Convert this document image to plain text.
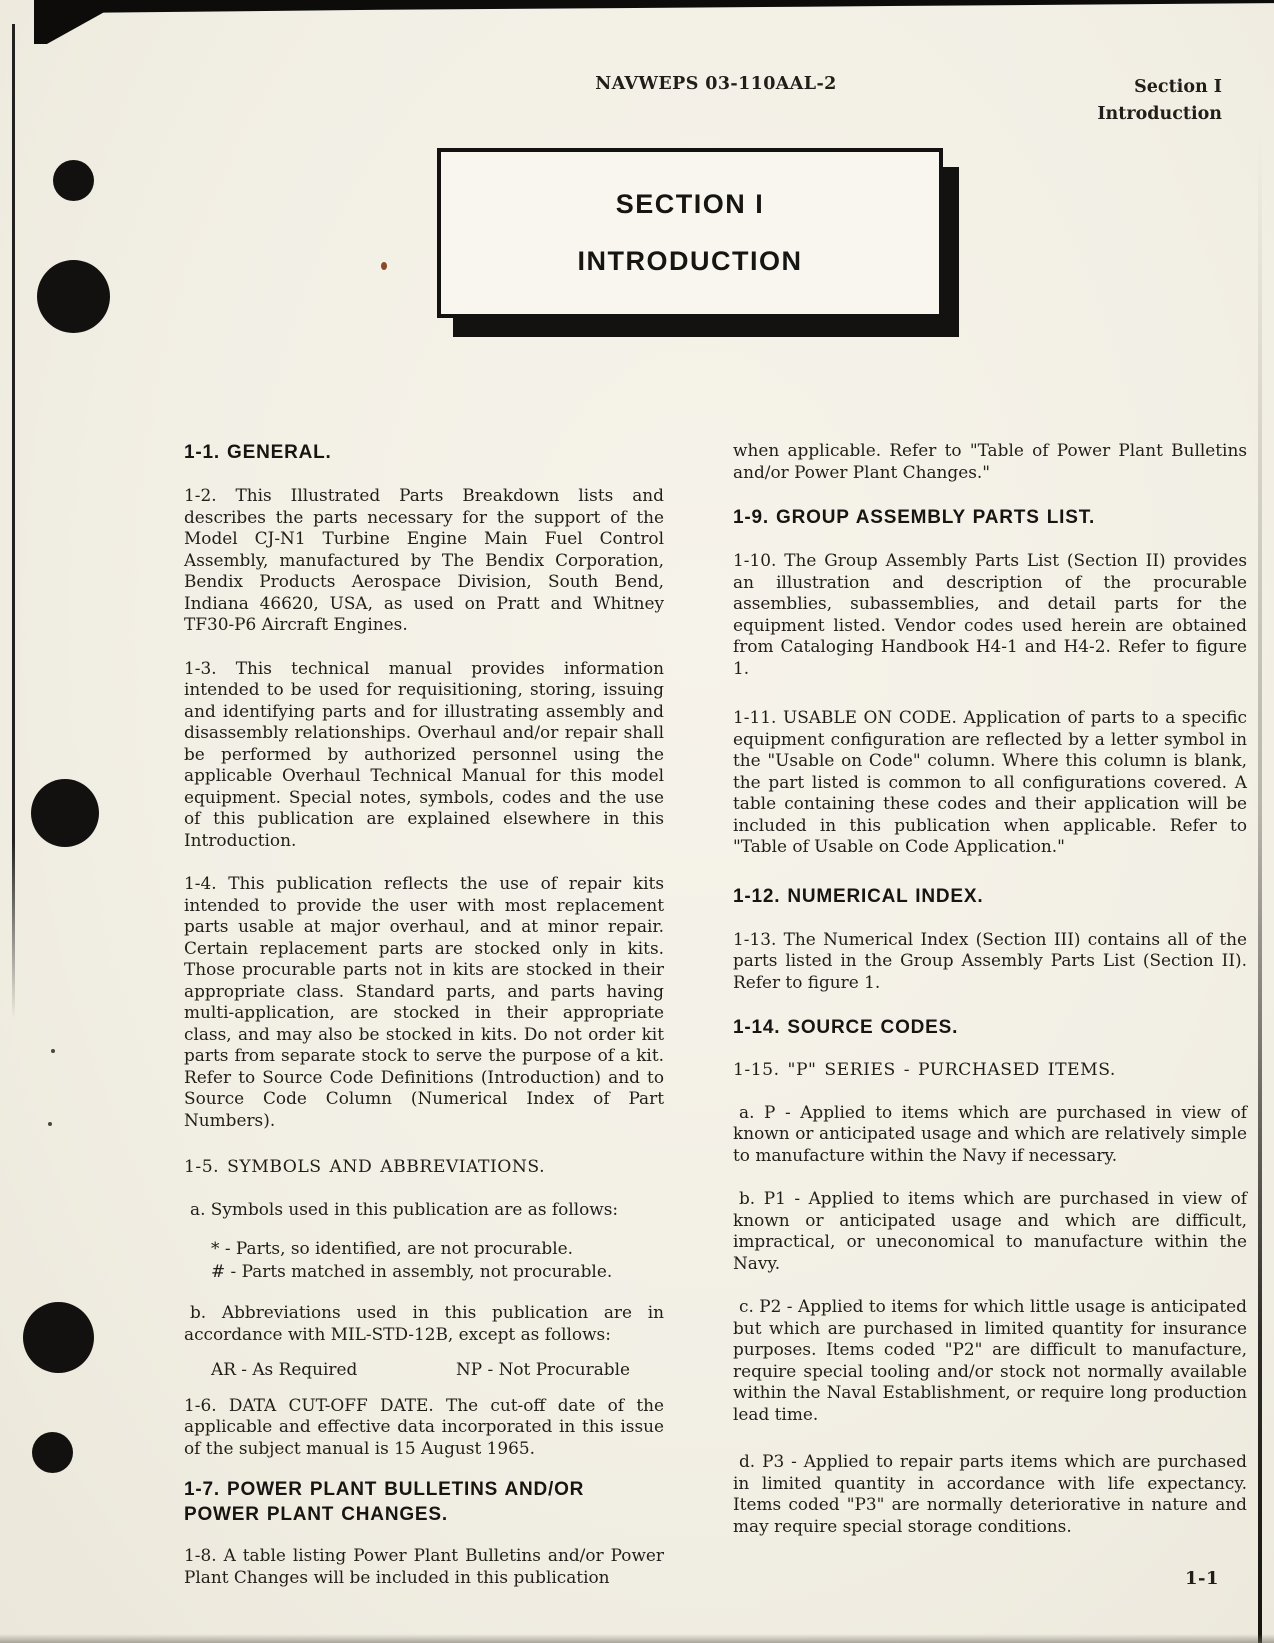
NAVWEPS 03-110AAL-2	Section I
Introduction
SECTION I
INTRODUCTION
1-1. GENERAL.

1-2. This Illustrated Parts Breakdown lists and describes the parts necessary for the support of the Model CJ-N1 Turbine Engine Main Fuel Control Assembly, manufactured by The Bendix Corporation, Bendix Products Aerospace Division, South Bend, Indiana 46620, USA, as used on Pratt and Whitney TF30-P6 Aircraft Engines.

1-3. This technical manual provides information intended to be used for requisitioning, storing, issuing and identifying parts and for illustrating assembly and disassembly relationships. Overhaul and/or repair shall be performed by authorized personnel using the applicable Overhaul Technical Manual for this model equipment. Special notes, symbols, codes and the use of this publication are explained elsewhere in this Introduction.

1-4. This publication reflects the use of repair kits intended to provide the user with most replacement parts usable at major overhaul, and at minor repair. Certain replacement parts are stocked only in kits. Those procurable parts not in kits are stocked in their appropriate class. Standard parts, and parts having multi-application, are stocked in their appropriate class, and may also be stocked in kits. Do not order kit parts from separate stock to serve the purpose of a kit. Refer to Source Code Definitions (Introduction) and to Source Code Column (Numerical Index of Part Numbers).

1-5. SYMBOLS AND ABBREVIATIONS.

a. Symbols used in this publication are as follows:

* - Parts, so identified, are not procurable.
# - Parts matched in assembly, not procurable.

b. Abbreviations used in this publication are in accordance with MIL-STD-12B, except as follows:

AR - As Required	NP - Not Procurable

1-6. DATA CUT-OFF DATE. The cut-off date of the applicable and effective data incorporated in this issue of the subject manual is 15 August 1965.

1-7. POWER PLANT BULLETINS AND/OR POWER PLANT CHANGES.

1-8. A table listing Power Plant Bulletins and/or Power Plant Changes will be included in this publication

when applicable. Refer to "Table of Power Plant Bulletins and/or Power Plant Changes."

1-9. GROUP ASSEMBLY PARTS LIST.

1-10. The Group Assembly Parts List (Section II) provides an illustration and description of the procurable assemblies, subassemblies, and detail parts for the equipment listed. Vendor codes used herein are obtained from Cataloging Handbook H4-1 and H4-2. Refer to figure 1.

1-11. USABLE ON CODE. Application of parts to a specific equipment configuration are reflected by a letter symbol in the "Usable on Code" column. Where this column is blank, the part listed is common to all configurations covered. A table containing these codes and their application will be included in this publication when applicable. Refer to "Table of Usable on Code Application."

1-12. NUMERICAL INDEX.

1-13. The Numerical Index (Section III) contains all of the parts listed in the Group Assembly Parts List (Section II). Refer to figure 1.

1-14. SOURCE CODES.
1-15. "P" SERIES - PURCHASED ITEMS.

a. P - Applied to items which are purchased in view of known or anticipated usage and which are relatively simple to manufacture within the Navy if necessary.

b. P1 - Applied to items which are purchased in view of known or anticipated usage and which are difficult, impractical, or uneconomical to manufacture within the Navy.

c. P2 - Applied to items for which little usage is anticipated but which are purchased in limited quantity for insurance purposes. Items coded "P2" are difficult to manufacture, require special tooling and/or stock not normally available within the Naval Establishment, or require long production lead time.

d. P3 - Applied to repair parts items which are purchased in limited quantity in accordance with life expectancy. Items coded "P3" are normally deteriorative in nature and may require special storage conditions.

1-1
